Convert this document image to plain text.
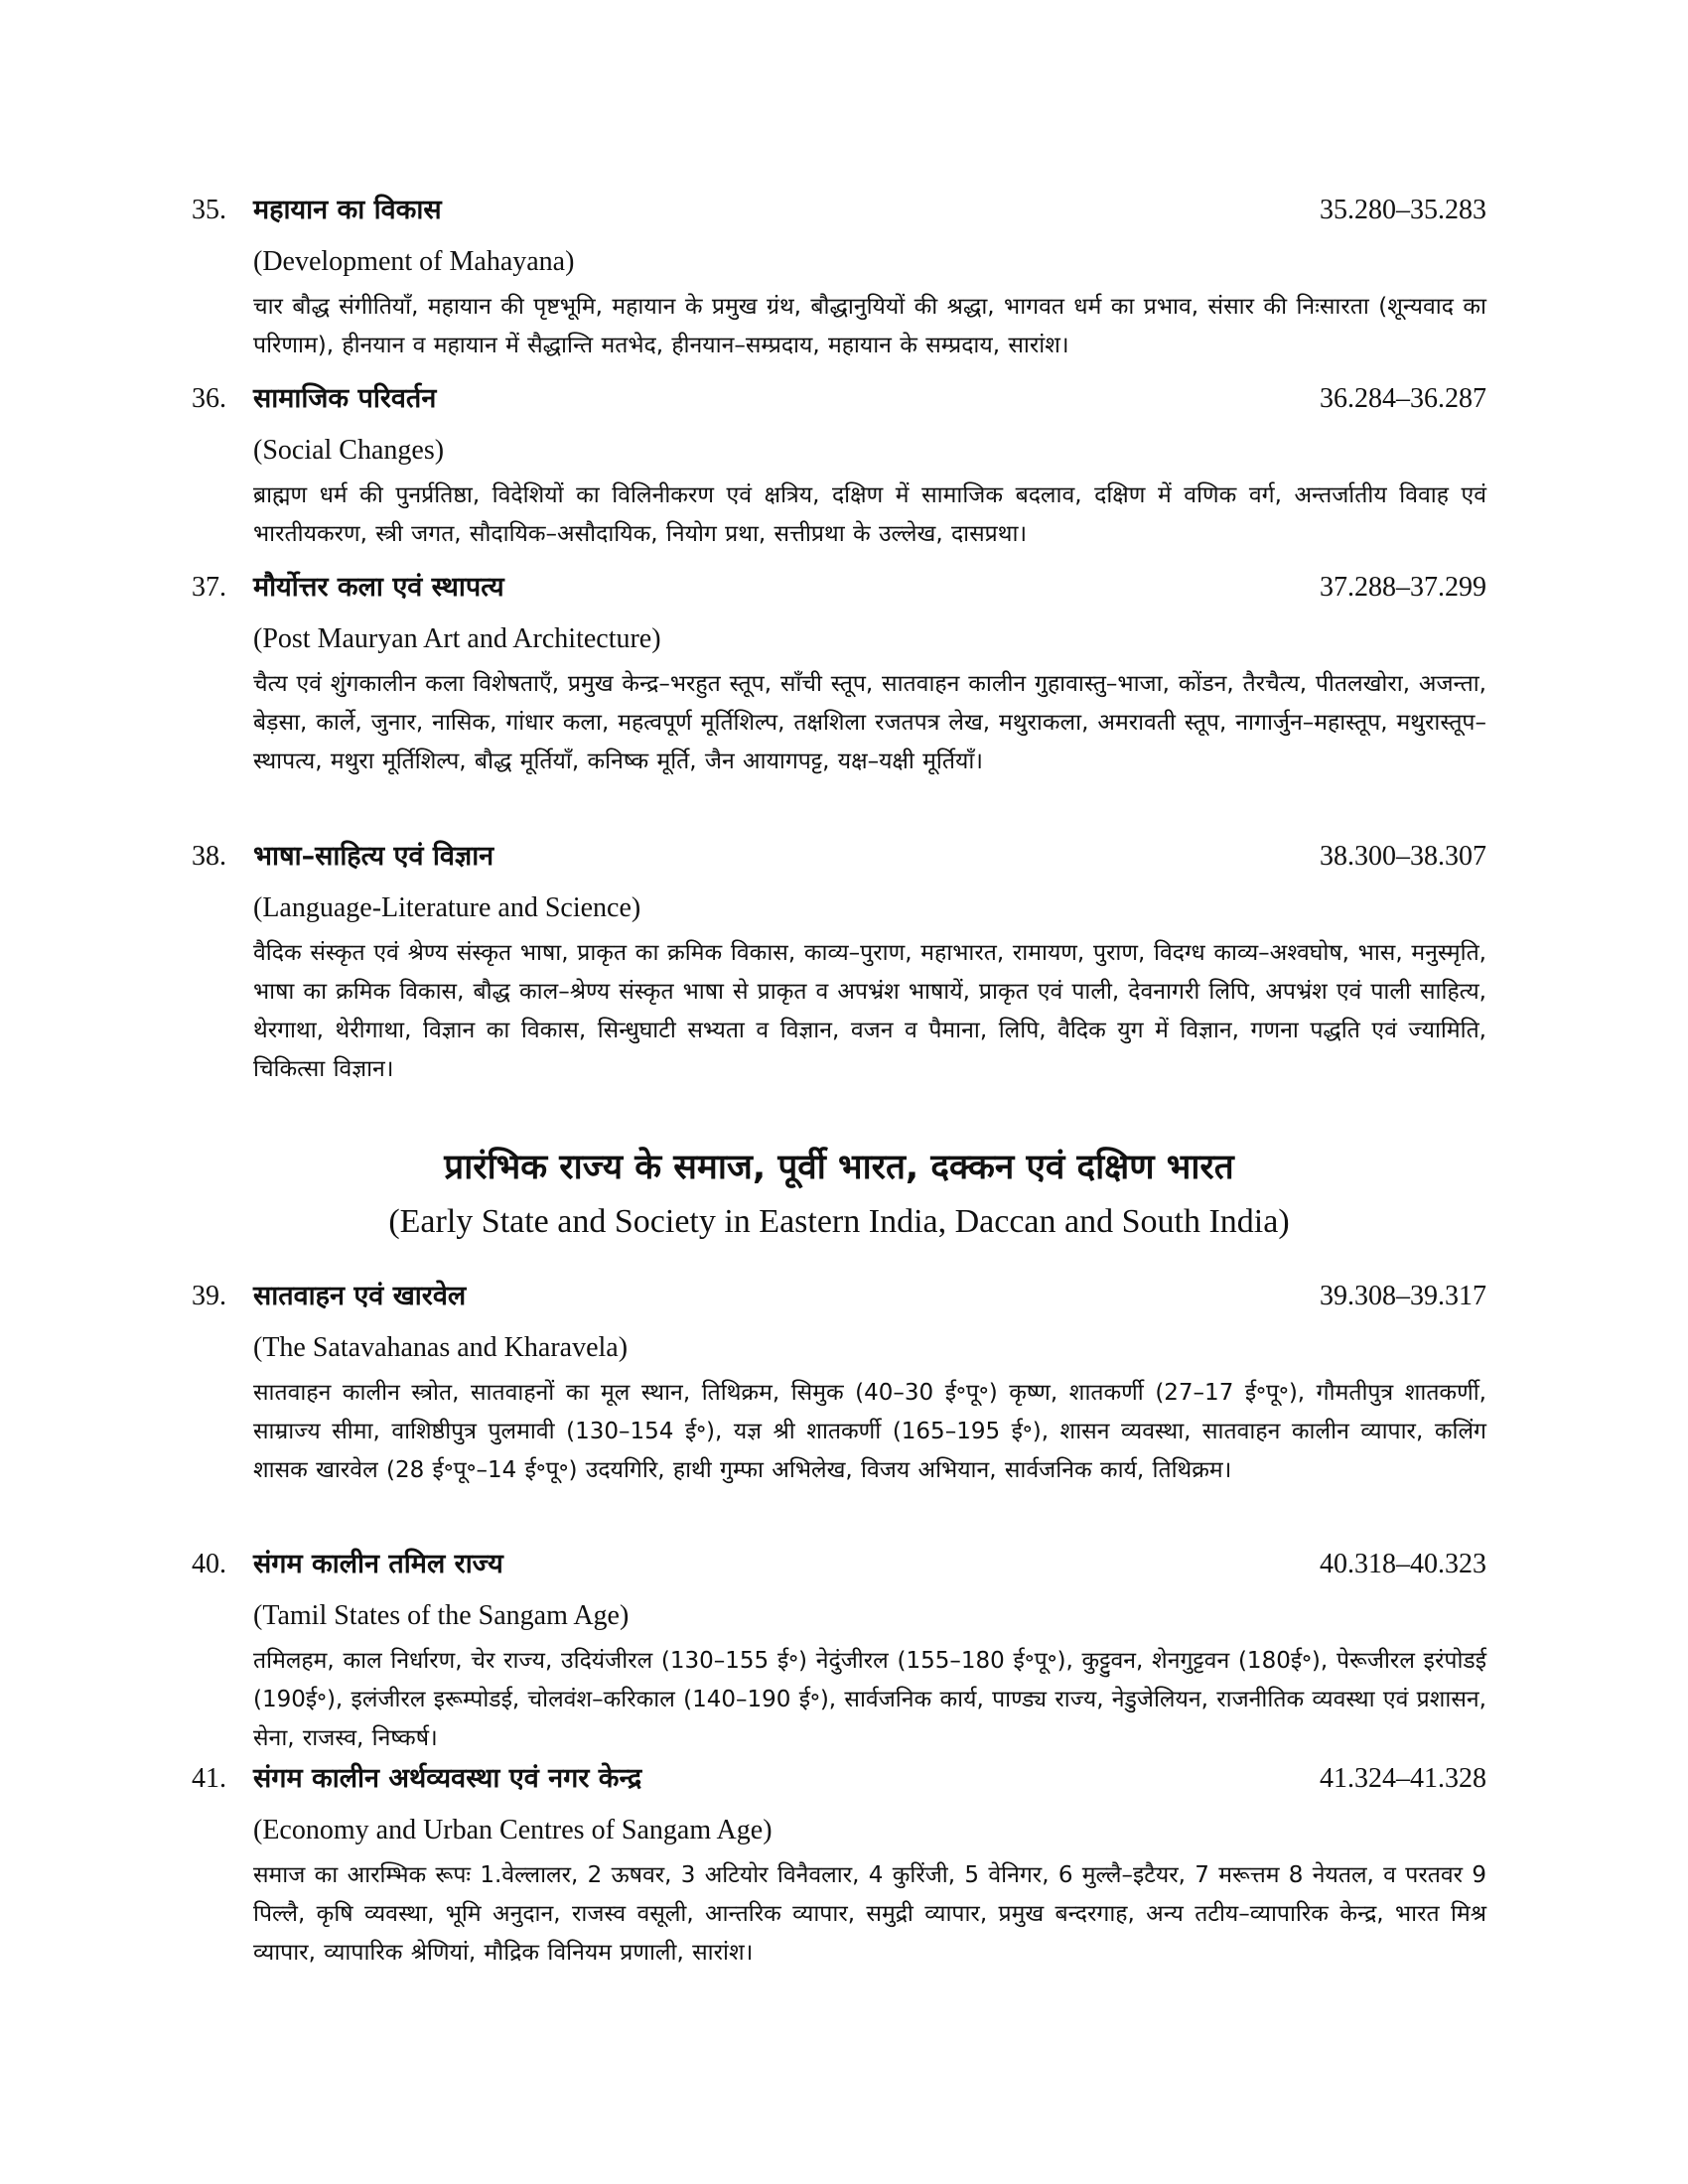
35. महायान का विकास	35.280–35.283
(Development of Mahayana)
चार बौद्ध संगीतियाँ, महायान की पृष्टभूमि, महायान के प्रमुख ग्रंथ, बौद्धानुयियों की श्रद्धा, भागवत धर्म का प्रभाव, संसार की निःसारता (शून्यवाद का परिणाम), हीनयान व महायान में सैद्धान्ति मतभेद, हीनयान–सम्प्रदाय, महायान के सम्प्रदाय, सारांश।
36. सामाजिक परिवर्तन	36.284–36.287
(Social Changes)
ब्राह्मण धर्म की पुनर्प्रतिष्ठा, विदेशियों का विलिनीकरण एवं क्षत्रिय, दक्षिण में सामाजिक बदलाव, दक्षिण में वणिक वर्ग, अन्तर्जातीय विवाह एवं भारतीयकरण, स्त्री जगत, सौदायिक–असौदायिक, नियोग प्रथा, सत्तीप्रथा के उल्लेख, दासप्रथा।
37. मौर्योत्तर कला एवं स्थापत्य	37.288–37.299
(Post Mauryan Art and Architecture)
चैत्य एवं शुंगकालीन कला विशेषताएँ, प्रमुख केन्द्र–भरहुत स्तूप, साँची स्तूप, सातवाहन कालीन गुहावास्तु–भाजा, कोंडन, तैरचैत्य, पीतलखोरा, अजन्ता, बेड़सा, कार्ले, जुनार, नासिक, गांधार कला, महत्वपूर्ण मूर्तिशिल्प, तक्षशिला रजतपत्र लेख, मथुराकला, अमरावती स्तूप, नागार्जुन–महास्तूप, मथुरास्तूप–स्थापत्य, मथुरा मूर्तिशिल्प, बौद्ध मूर्तियाँ, कनिष्क मूर्ति, जैन आयागपट्ट, यक्ष–यक्षी मूर्तियाँ।
38. भाषा–साहित्य एवं विज्ञान	38.300–38.307
(Language-Literature and Science)
वैदिक संस्कृत एवं श्रेण्य संस्कृत भाषा, प्राकृत का क्रमिक विकास, काव्य–पुराण, महाभारत, रामायण, पुराण, विदग्ध काव्य–अश्वघोष, भास, मनुस्मृति, भाषा का क्रमिक विकास, बौद्ध काल–श्रेण्य संस्कृत भाषा से प्राकृत व अपभ्रंश भाषायें, प्राकृत एवं पाली, देवनागरी लिपि, अपभ्रंश एवं पाली साहित्य, थेरगाथा, थेरीगाथा, विज्ञान का विकास, सिन्धुघाटी सभ्यता व विज्ञान, वजन व पैमाना, लिपि, वैदिक युग में विज्ञान, गणना पद्धति एवं ज्यामिति, चिकित्सा विज्ञान।
प्रारंभिक राज्य के समाज, पूर्वी भारत, दक्कन एवं दक्षिण भारत
(Early State and Society in Eastern India, Daccan and South India)
39. सातवाहन एवं खारवेल	39.308–39.317
(The Satavahanas and Kharavela)
सातवाहन कालीन स्त्रोत, सातवाहनों का मूल स्थान, तिथिक्रम, सिमुक (40–30 ई॰पू॰) कृष्ण, शातकर्णी (27–17 ई॰पू॰), गौमतीपुत्र शातकर्णी, साम्राज्य सीमा, वाशिष्ठीपुत्र पुलमावी (130–154 ई॰), यज्ञ श्री शातकर्णी (165–195 ई॰), शासन व्यवस्था, सातवाहन कालीन व्यापार, कलिंग शासक खारवेल (28 ई॰पू॰–14 ई॰पू॰) उदयगिरि, हाथी गुम्फा अभिलेख, विजय अभियान, सार्वजनिक कार्य, तिथिक्रम।
40. संगम कालीन तमिल राज्य	40.318–40.323
(Tamil States of the Sangam Age)
तमिलहम, काल निर्धारण, चेर राज्य, उदियंजीरल (130–155 ई॰) नेदुंजीरल (155–180 ई॰पू॰), कुट्टुवन, शेनगुट्टवन (180ई॰), पेरूजीरल इरंपोडई (190ई॰), इलंजीरल इरूम्पोडई, चोलवंश–करिकाल (140–190 ई॰), सार्वजनिक कार्य, पाण्ड्य राज्य, नेडुजेलियन, राजनीतिक व्यवस्था एवं प्रशासन, सेना, राजस्व, निष्कर्ष।
41. संगम कालीन अर्थव्यवस्था एवं नगर केन्द्र	41.324–41.328
(Economy and Urban Centres of Sangam Age)
समाज का आरम्भिक रूपः 1.वेल्लालर, 2 ऊषवर, 3 अटियोर विनैवलार, 4 कुरिंजी, 5 वेनिगर, 6 मुल्लै–इटैयर, 7 मरूत्तम 8 नेयतल, व परतवर 9 पिल्लै, कृषि व्यवस्था, भूमि अनुदान, राजस्व वसूली, आन्तरिक व्यापार, समुद्री व्यापार, प्रमुख बन्दरगाह, अन्य तटीय–व्यापारिक केन्द्र, भारत मिश्र व्यापार, व्यापारिक श्रेणियां, मौद्रिक विनियम प्रणाली, सारांश।
